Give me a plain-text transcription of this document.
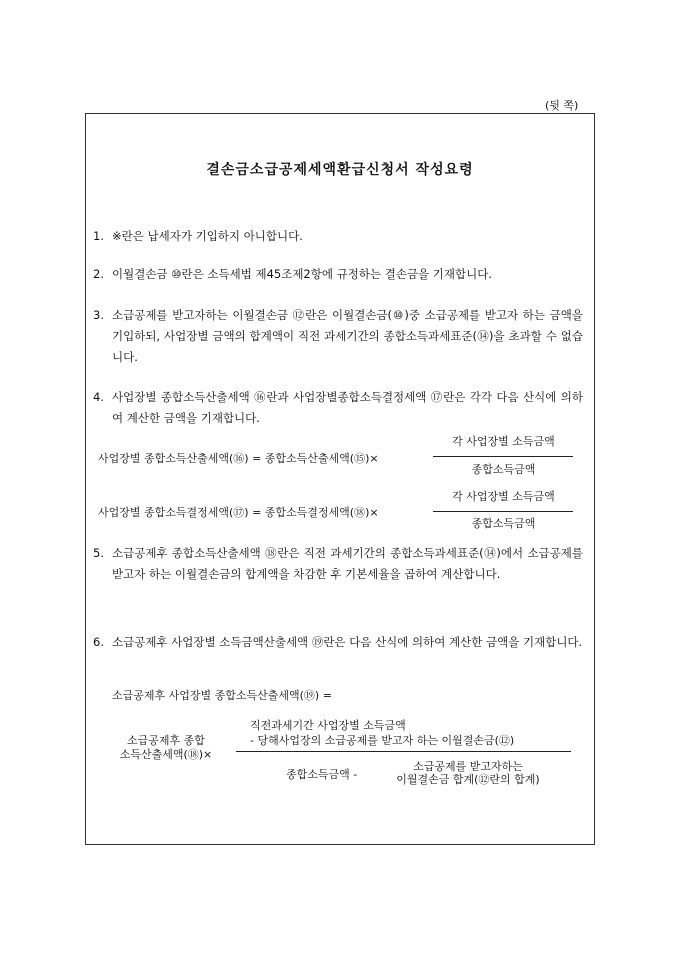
(뒷 쪽)
결손금소급공제세액환급신청서 작성요령
1. ※란은 납세자가 기입하지 아니합니다.
2. 이월결손금 ⑩란은 소득세법 제45조제2항에 규정하는 결손금을 기재합니다.
3. 소급공제를 받고자하는 이월결손금 ⑫란은 이월결손금(⑩)중 소급공제를 받고자 하는 금액을 기입하되, 사업장별 금액의 합계액이 직전 과세기간의 종합소득과세표준(⑭)을 초과할 수 없습니다.
4. 사업장별 종합소득산출세액 ⑯란과 사업장별종합소득결정세액 ⑰란은 각각 다음 산식에 의하여 계산한 금액을 기재합니다.
사업장별 종합소득산출세액(⑯) = 종합소득산출세액(⑮)×
각 사업장별 소득금액
종합소득금액
사업장별 종합소득결정세액(⑰) = 종합소득결정세액(⑱)×
각 사업장별 소득금액
종합소득금액
5. 소급공제후 종합소득산출세액 ⑱란은 직전 과세기간의 종합소득과세표준(⑭)에서 소급공제를 받고자 하는 이월결손금의 합계액을 차감한 후 기본세율을 곱하여 계산합니다.
6. 소급공제후 사업장별 소득금액산출세액 ⑲란은 다음 산식에 의하여 계산한 금액을 기재합니다.
소급공제후 사업장별 종합소득산출세액(⑲) =
소급공제후 종합
소득산출세액(⑱)×
직전과세기간 사업장별 소득금액
- 당해사업장의 소급공제를 받고자 하는 이월결손금(⑫)
종합소득금액 -
소급공제를 받고자하는
이월결손금 합계(⑫란의 합계)
